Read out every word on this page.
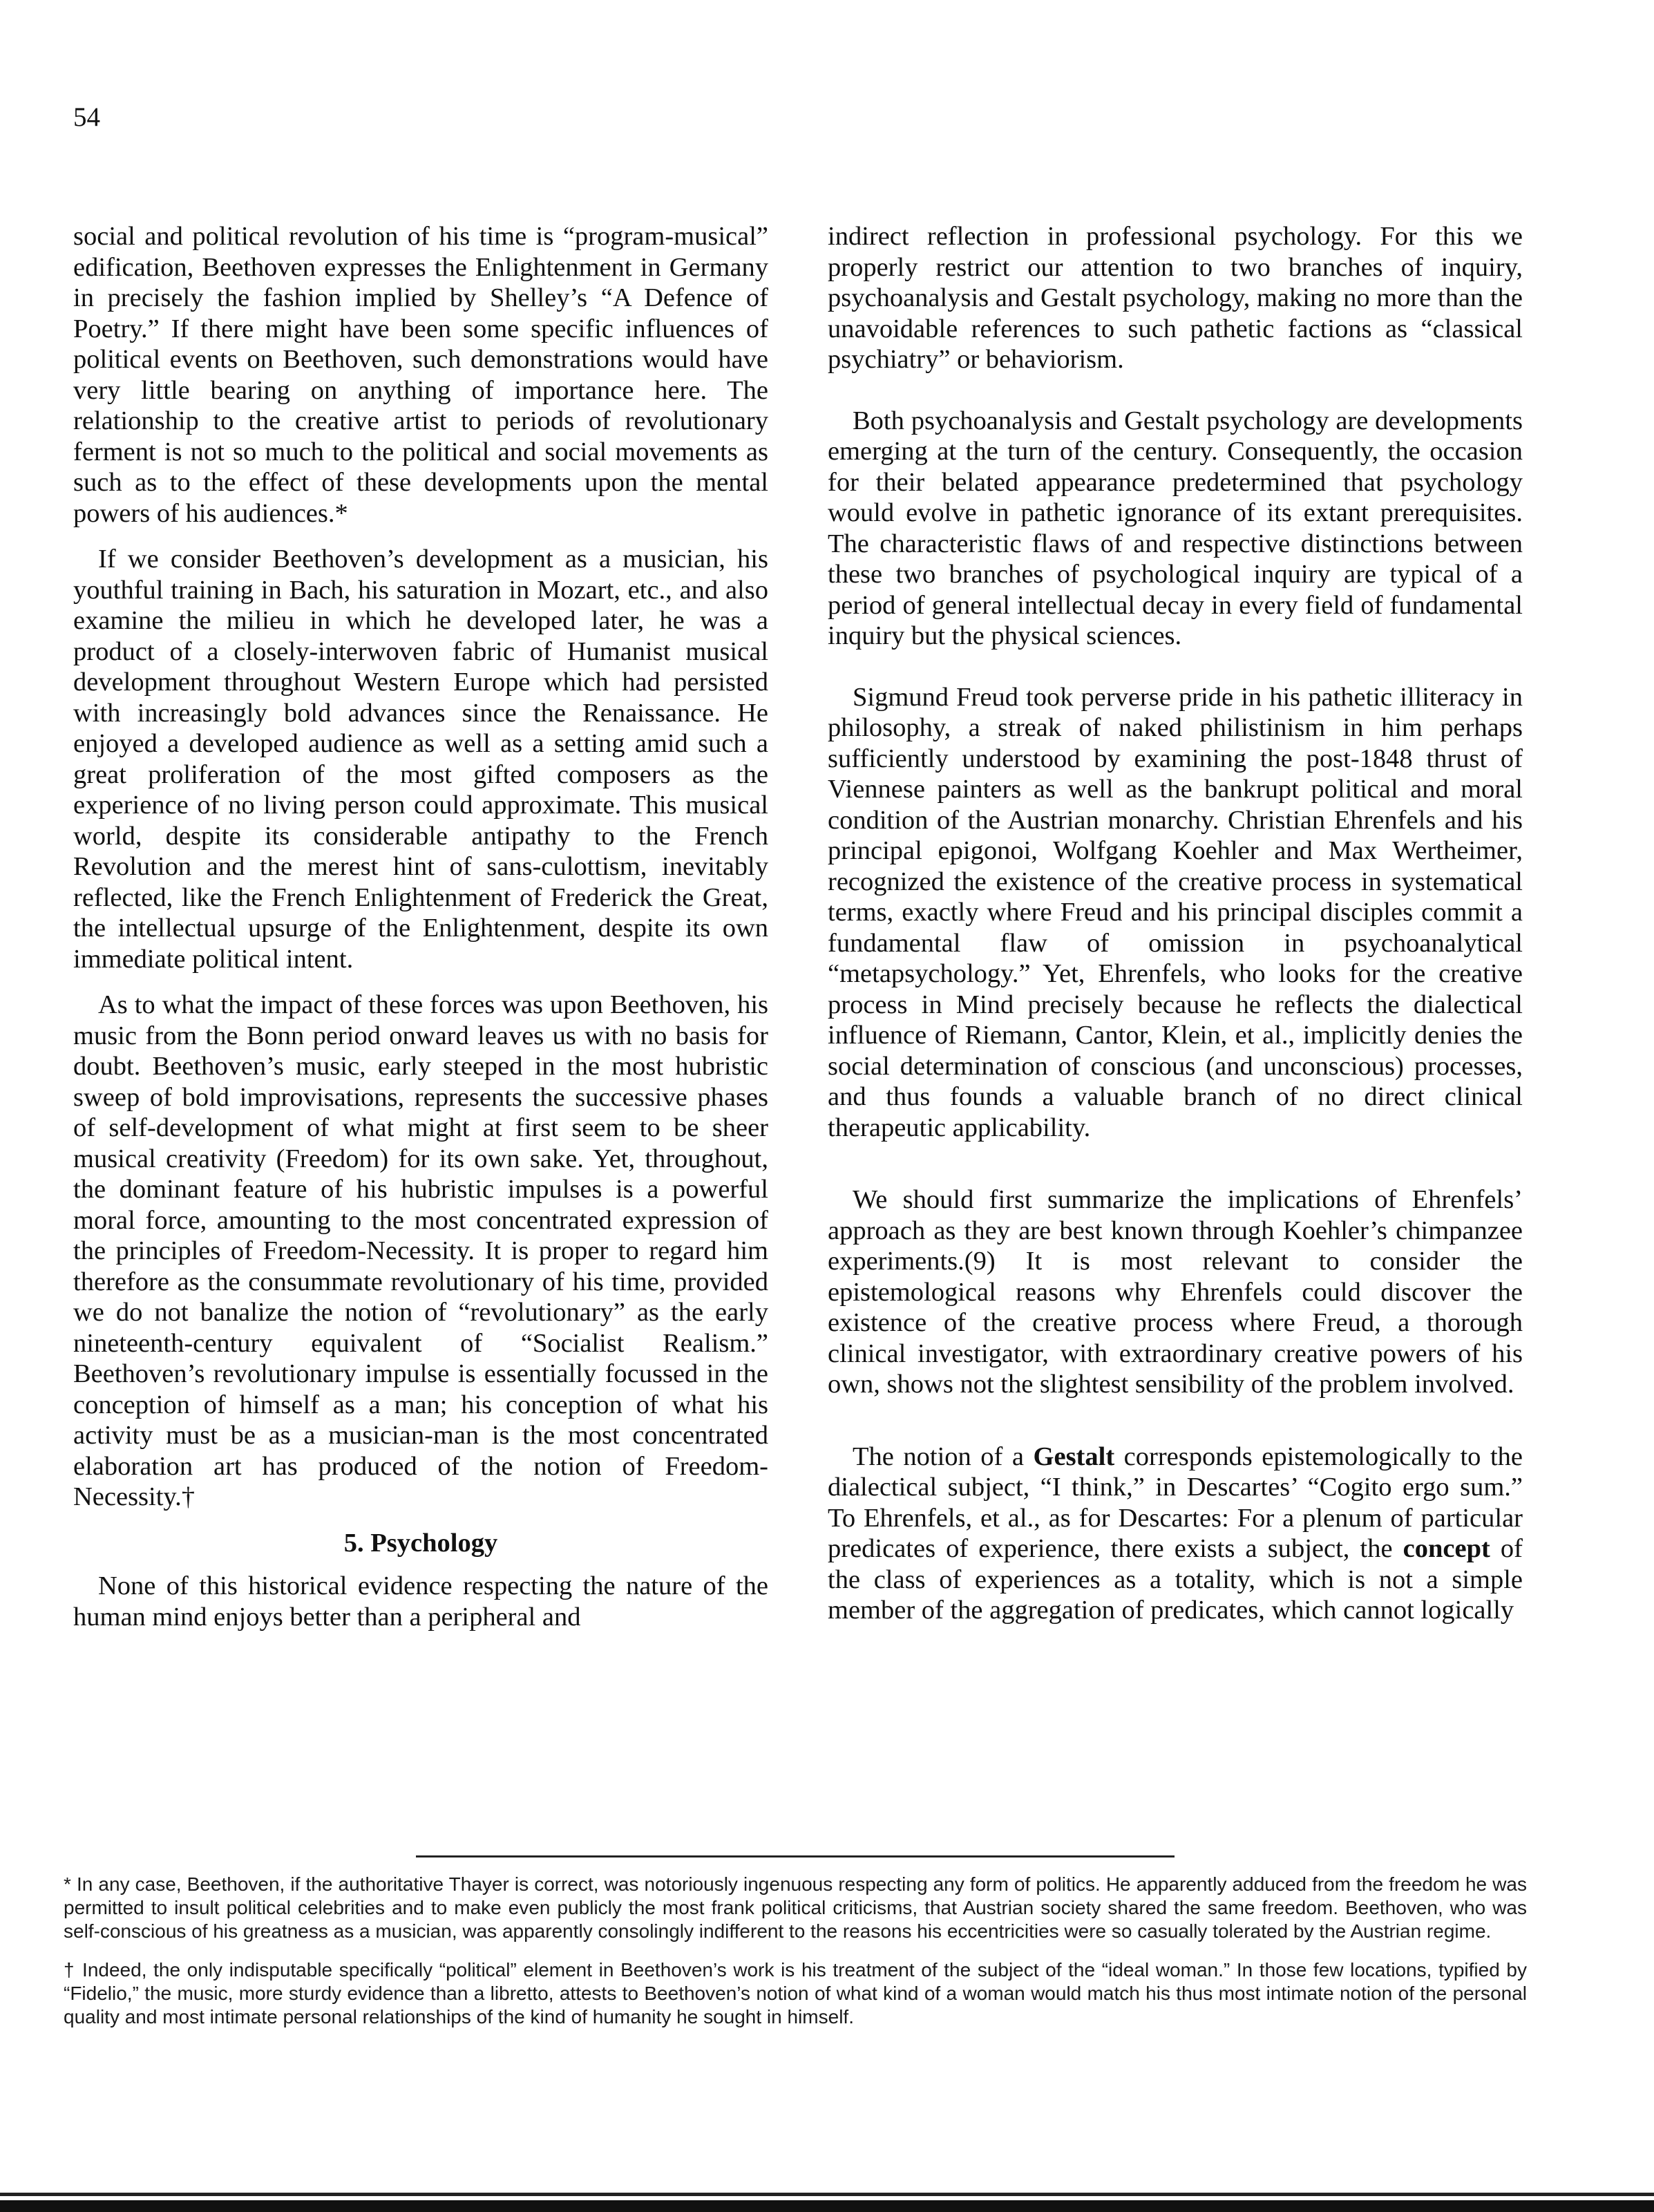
54

social and political revolution of his time is “program-musical” edification, Beethoven expresses the Enlightenment in Germany in precisely the fashion implied by Shelley’s “A Defence of Poetry.” If there might have been some specific influences of political events on Beethoven, such demonstrations would have very little bearing on anything of importance here. The relationship to the creative artist to periods of revolutionary ferment is not so much to the political and social movements as such as to the effect of these developments upon the mental powers of his audiences.*

If we consider Beethoven’s development as a musician, his youthful training in Bach, his saturation in Mozart, etc., and also examine the milieu in which he developed later, he was a product of a closely-interwoven fabric of Humanist musical development throughout Western Europe which had persisted with increasingly bold advances since the Renaissance. He enjoyed a developed audience as well as a setting amid such a great proliferation of the most gifted composers as the experience of no living person could approximate. This musical world, despite its considerable antipathy to the French Revolution and the merest hint of sans-culottism, inevitably reflected, like the French Enlightenment of Frederick the Great, the intellectual upsurge of the Enlightenment, despite its own immediate political intent.

As to what the impact of these forces was upon Beethoven, his music from the Bonn period onward leaves us with no basis for doubt. Beethoven’s music, early steeped in the most hubristic sweep of bold improvisations, represents the successive phases of self-development of what might at first seem to be sheer musical creativity (Freedom) for its own sake. Yet, throughout, the dominant feature of his hubristic impulses is a powerful moral force, amounting to the most concentrated expression of the principles of Freedom-Necessity. It is proper to regard him therefore as the consummate revolutionary of his time, provided we do not banalize the notion of “revolutionary” as the early nineteenth-century equivalent of “Socialist Realism.” Beethoven’s revolutionary impulse is essentially focussed in the conception of himself as a man; his conception of what his activity must be as a musician-man is the most concentrated elaboration art has produced of the notion of Freedom-Necessity.†

5. Psychology

None of this historical evidence respecting the nature of the human mind enjoys better than a peripheral and

indirect reflection in professional psychology. For this we properly restrict our attention to two branches of inquiry, psychoanalysis and Gestalt psychology, making no more than the unavoidable references to such pathetic factions as “classical psychiatry” or behaviorism.

Both psychoanalysis and Gestalt psychology are developments emerging at the turn of the century. Consequently, the occasion for their belated appearance predetermined that psychology would evolve in pathetic ignorance of its extant prerequisites. The characteristic flaws of and respective distinctions between these two branches of psychological inquiry are typical of a period of general intellectual decay in every field of fundamental inquiry but the physical sciences.

Sigmund Freud took perverse pride in his pathetic illiteracy in philosophy, a streak of naked philistinism in him perhaps sufficiently understood by examining the post-1848 thrust of Viennese painters as well as the bankrupt political and moral condition of the Austrian monarchy. Christian Ehrenfels and his principal epigonoi, Wolfgang Koehler and Max Wertheimer, recognized the existence of the creative process in systematical terms, exactly where Freud and his principal disciples commit a fundamental flaw of omission in psychoanalytical “metapsychology.” Yet, Ehrenfels, who looks for the creative process in Mind precisely because he reflects the dialectical influence of Riemann, Cantor, Klein, et al., implicitly denies the social determination of conscious (and unconscious) processes, and thus founds a valuable branch of no direct clinical therapeutic applicability.

We should first summarize the implications of Ehrenfels’ approach as they are best known through Koehler’s chimpanzee experiments.(9) It is most relevant to consider the epistemological reasons why Ehrenfels could discover the existence of the creative process where Freud, a thorough clinical investigator, with extraordinary creative powers of his own, shows not the slightest sensibility of the problem involved.

The notion of a Gestalt corresponds epistemologically to the dialectical subject, “I think,” in Descartes’ “Cogito ergo sum.” To Ehrenfels, et al., as for Descartes: For a plenum of particular predicates of experience, there exists a subject, the concept of the class of experiences as a totality, which is not a simple member of the aggregation of predicates, which cannot logically

* In any case, Beethoven, if the authoritative Thayer is correct, was notoriously ingenuous respecting any form of politics. He apparently adduced from the freedom he was permitted to insult political celebrities and to make even publicly the most frank political criticisms, that Austrian society shared the same freedom. Beethoven, who was self-conscious of his greatness as a musician, was apparently consolingly indifferent to the reasons his eccentricities were so casually tolerated by the Austrian regime.

† Indeed, the only indisputable specifically “political” element in Beethoven’s work is his treatment of the subject of the “ideal woman.” In those few locations, typified by “Fidelio,” the music, more sturdy evidence than a libretto, attests to Beethoven’s notion of what kind of a woman would match his thus most intimate notion of the personal quality and most intimate personal relationships of the kind of humanity he sought in himself.
